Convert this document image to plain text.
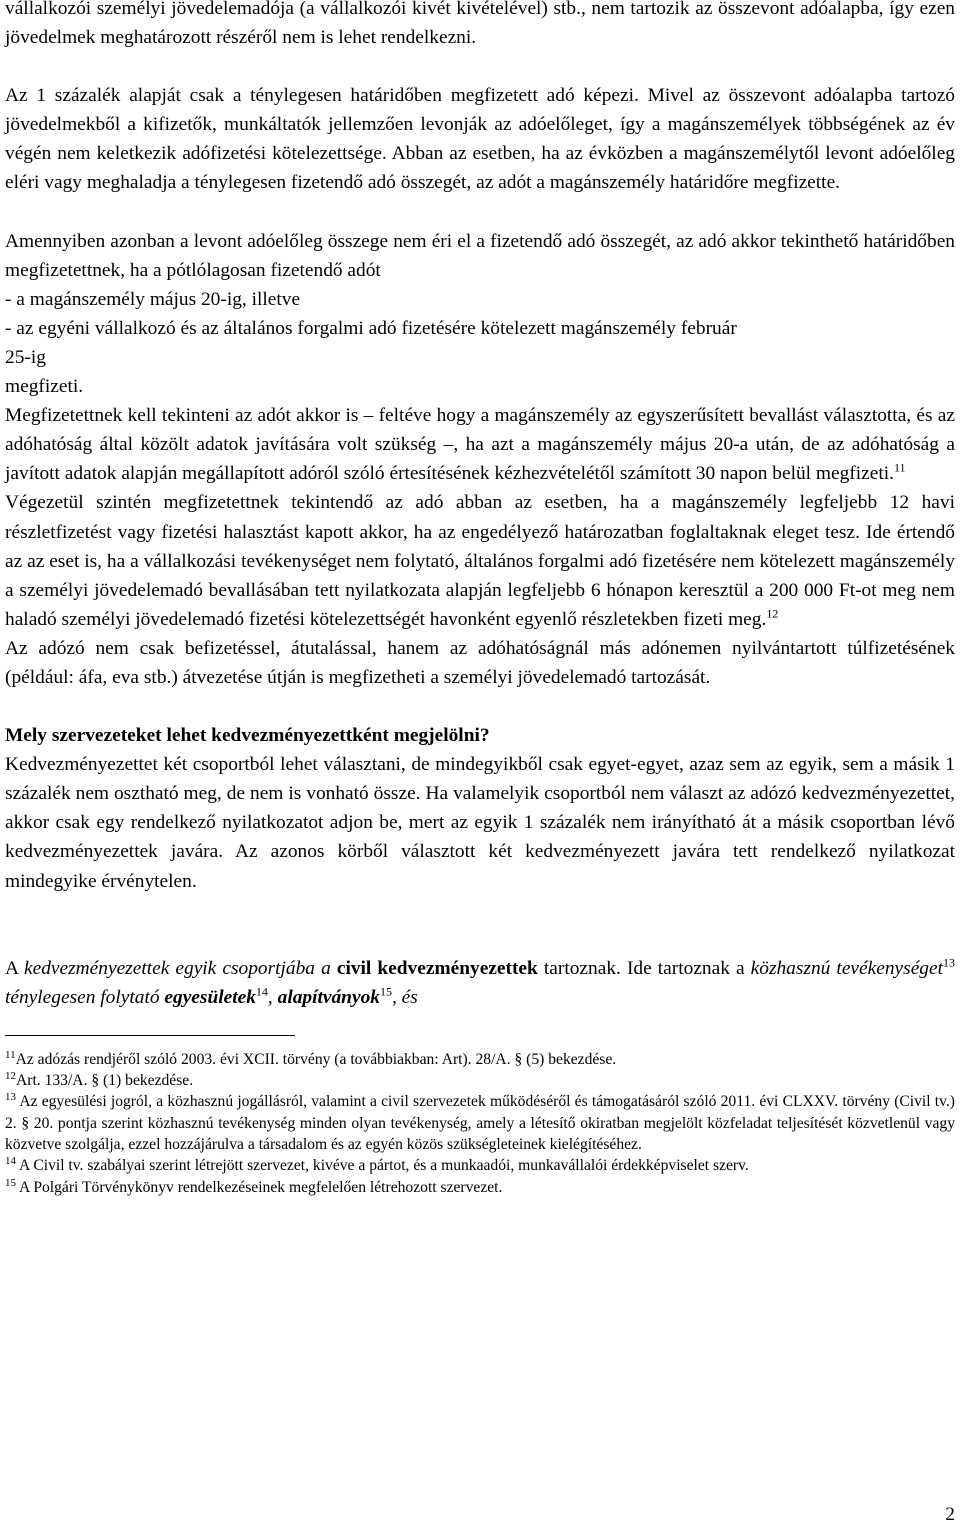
vállalkozói személyi jövedelemadója (a vállalkozói kivét kivételével) stb., nem tartozik az összevont adóalapba, így ezen jövedelmek meghatározott részéről nem is lehet rendelkezni.

Az 1 százalék alapját csak a ténylegesen határidőben megfizetett adó képezi. Mivel az összevont adóalapba tartozó jövedelmekből a kifizetők, munkáltatók jellemzően levonják az adóelőleget, így a magánszemélyek többségének az év végén nem keletkezik adófizetési kötelezettsége. Abban az esetben, ha az évközben a magánszemélytől levont adóelőleg eléri vagy meghaladja a ténylegesen fizetendő adó összegét, az adót a magánszemély határidőre megfizette.

Amennyiben azonban a levont adóelőleg összege nem éri el a fizetendő adó összegét, az adó akkor tekinthető határidőben megfizetettnek, ha a pótlólagosan fizetendő adót
- a magánszemély május 20-ig, illetve
- az egyéni vállalkozó és az általános forgalmi adó fizetésére kötelezett magánszemély február
25-ig
megfizeti.

Megfizetettnek kell tekinteni az adót akkor is – feltéve hogy a magánszemély az egyszerűsített bevallást választotta, és az adóhatóság által közölt adatok javítására volt szükség –, ha azt a magánszemély május 20-a után, de az adóhatóság a javított adatok alapján megállapított adóról szóló értesítésének kézhezvételétől számított 30 napon belül megfizeti.$^{11}$

Végezetül szintén megfizetettnek tekintendő az adó abban az esetben, ha a magánszemély legfeljebb 12 havi részletfizetést vagy fizetési halasztást kapott akkor, ha az engedélyező határozatban foglaltaknak eleget tesz. Ide értendő az az eset is, ha a vállalkozási tevékenységet nem folytató, általános forgalmi adó fizetésére nem kötelezett magánszemély a személyi jövedelemadó bevallásában tett nyilatkozata alapján legfeljebb 6 hónapon keresztül a 200 000 Ft-ot meg nem haladó személyi jövedelemadó fizetési kötelezettségét havonként egyenlő részletekben fizeti meg.$^{12}$

Az adózó nem csak befizetéssel, átutalással, hanem az adóhatóságnál más adónemen nyilvántartott túlfizetésének (például: áfa, eva stb.) átvezetése útján is megfizetheti a személyi jövedelemadó tartozását.

Mely szervezeteket lehet kedvezményezettként megjelölni?

Kedvezményezettet két csoportból lehet választani, de mindegyikből csak egyet-egyet, azaz sem az egyik, sem a másik 1 százalék nem osztható meg, de nem is vonható össze. Ha valamelyik csoportból nem választ az adózó kedvezményezettet, akkor csak egy rendelkező nyilatkozatot adjon be, mert az egyik 1 százalék nem irányítható át a másik csoportban lévő kedvezményezettek javára. Az azonos körből választott két kedvezményezett javára tett rendelkező nyilatkozat mindegyike érvénytelen.

A kedvezményezettek egyik csoportjába a civil kedvezményezettek tartoznak. Ide tartoznak a közhasznú tevékenységet$^{13}$ ténylegesen folytató egyesületek$^{14}$, alapítványok$^{15}$, és

$^{11}$Az adózás rendjéről szóló 2003. évi XCII. törvény (a továbbiakban: Art). 28/A. § (5) bekezdése.

$^{12}$Art. 133/A. § (1) bekezdése.

$^{13}$ Az egyesülési jogról, a közhasznú jogállásról, valamint a civil szervezetek működéséről és támogatásáról szóló 2011. évi CLXXV. törvény (Civil tv.) 2. § 20. pontja szerint közhasznú tevékenység minden olyan tevékenység, amely a létesítő okiratban megjelölt közfeladat teljesítését közvetlenül vagy közvetve szolgálja, ezzel hozzájárulva a társadalom és az egyén közös szükségleteinek kielégítéséhez.

$^{14}$ A Civil tv. szabályai szerint létrejött szervezet, kivéve a pártot, és a munkaadói, munkavállalói érdekképviselet szerv.

$^{15}$ A Polgári Törvénykönyv rendelkezéseinek megfelelően létrehozott szervezet.

2
